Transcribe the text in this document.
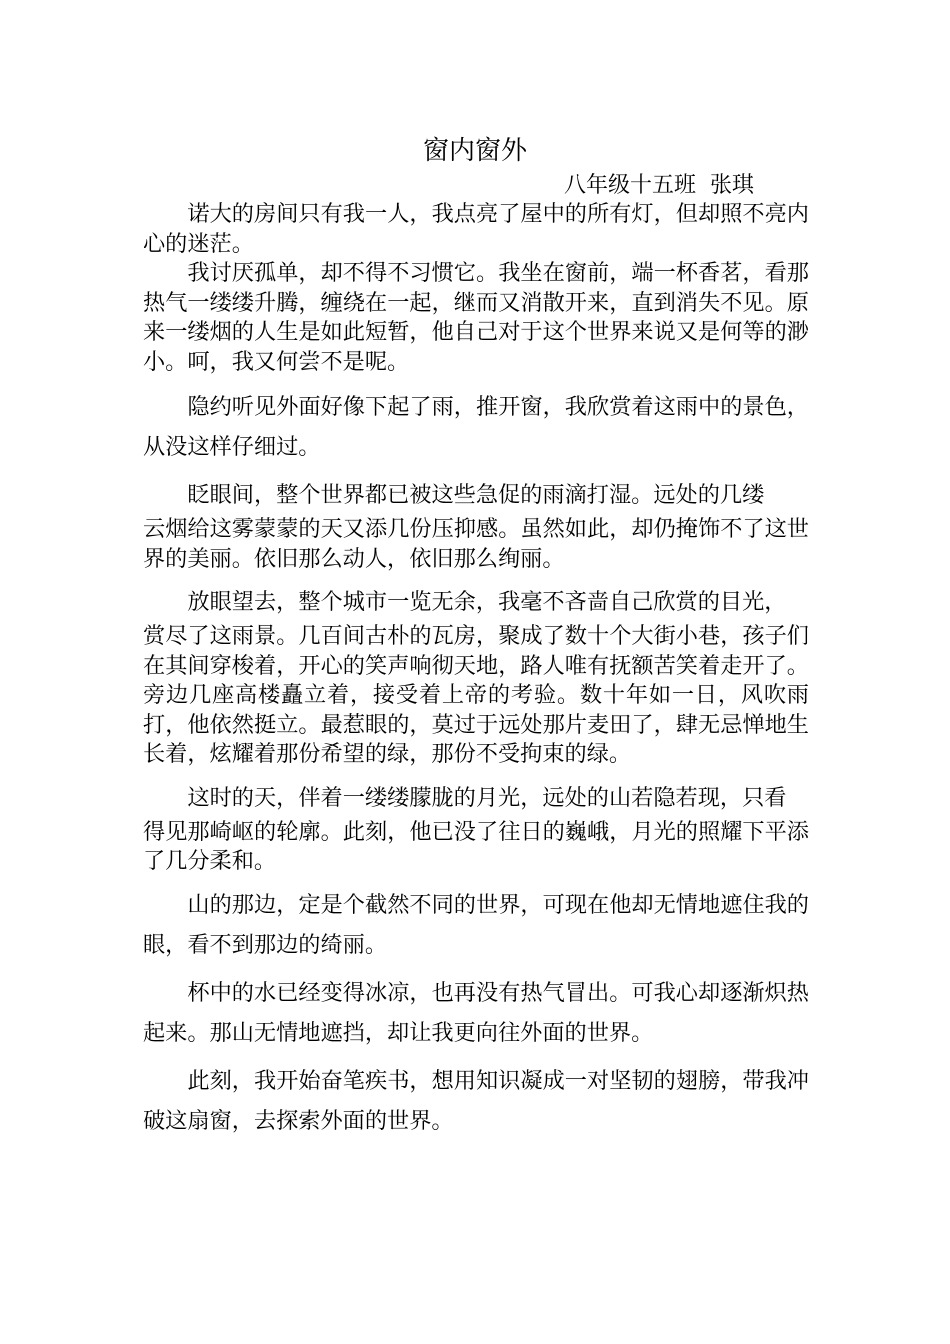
窗内窗外
八年级十五班  张琪

诺大的房间只有我一人，我点亮了屋中的所有灯，但却照不亮内心的迷茫。

我讨厌孤单，却不得不习惯它。我坐在窗前，端一杯香茗，看那热气一缕缕升腾，缠绕在一起，继而又消散开来，直到消失不见。原来一缕烟的人生是如此短暂，他自己对于这个世界来说又是何等的渺小。呵，我又何尝不是呢。

隐约听见外面好像下起了雨，推开窗，我欣赏着这雨中的景色，从没这样仔细过。

眨眼间，整个世界都已被这些急促的雨滴打湿。远处的几缕

云烟给这雾蒙蒙的天又添几份压抑感。虽然如此，却仍掩饰不了这世界的美丽。依旧那么动人，依旧那么绚丽。

放眼望去，整个城市一览无余，我毫不吝啬自己欣赏的目光，

赏尽了这雨景。几百间古朴的瓦房，聚成了数十个大街小巷，孩子们在其间穿梭着，开心的笑声响彻天地，路人唯有抚额苦笑着走开了。旁边几座高楼矗立着，接受着上帝的考验。数十年如一日，风吹雨打，他依然挺立。最惹眼的，莫过于远处那片麦田了，肆无忌惮地生长着，炫耀着那份希望的绿，那份不受拘束的绿。

这时的天，伴着一缕缕朦胧的月光，远处的山若隐若现，只看

得见那崎岖的轮廓。此刻，他已没了往日的巍峨，月光的照耀下平添了几分柔和。

山的那边，定是个截然不同的世界，可现在他却无情地遮住我的眼，看不到那边的绮丽。

杯中的水已经变得冰凉，也再没有热气冒出。可我心却逐渐炽热起来。那山无情地遮挡，却让我更向往外面的世界。

此刻，我开始奋笔疾书，想用知识凝成一对坚韧的翅膀，带我冲破这扇窗，去探索外面的世界。
